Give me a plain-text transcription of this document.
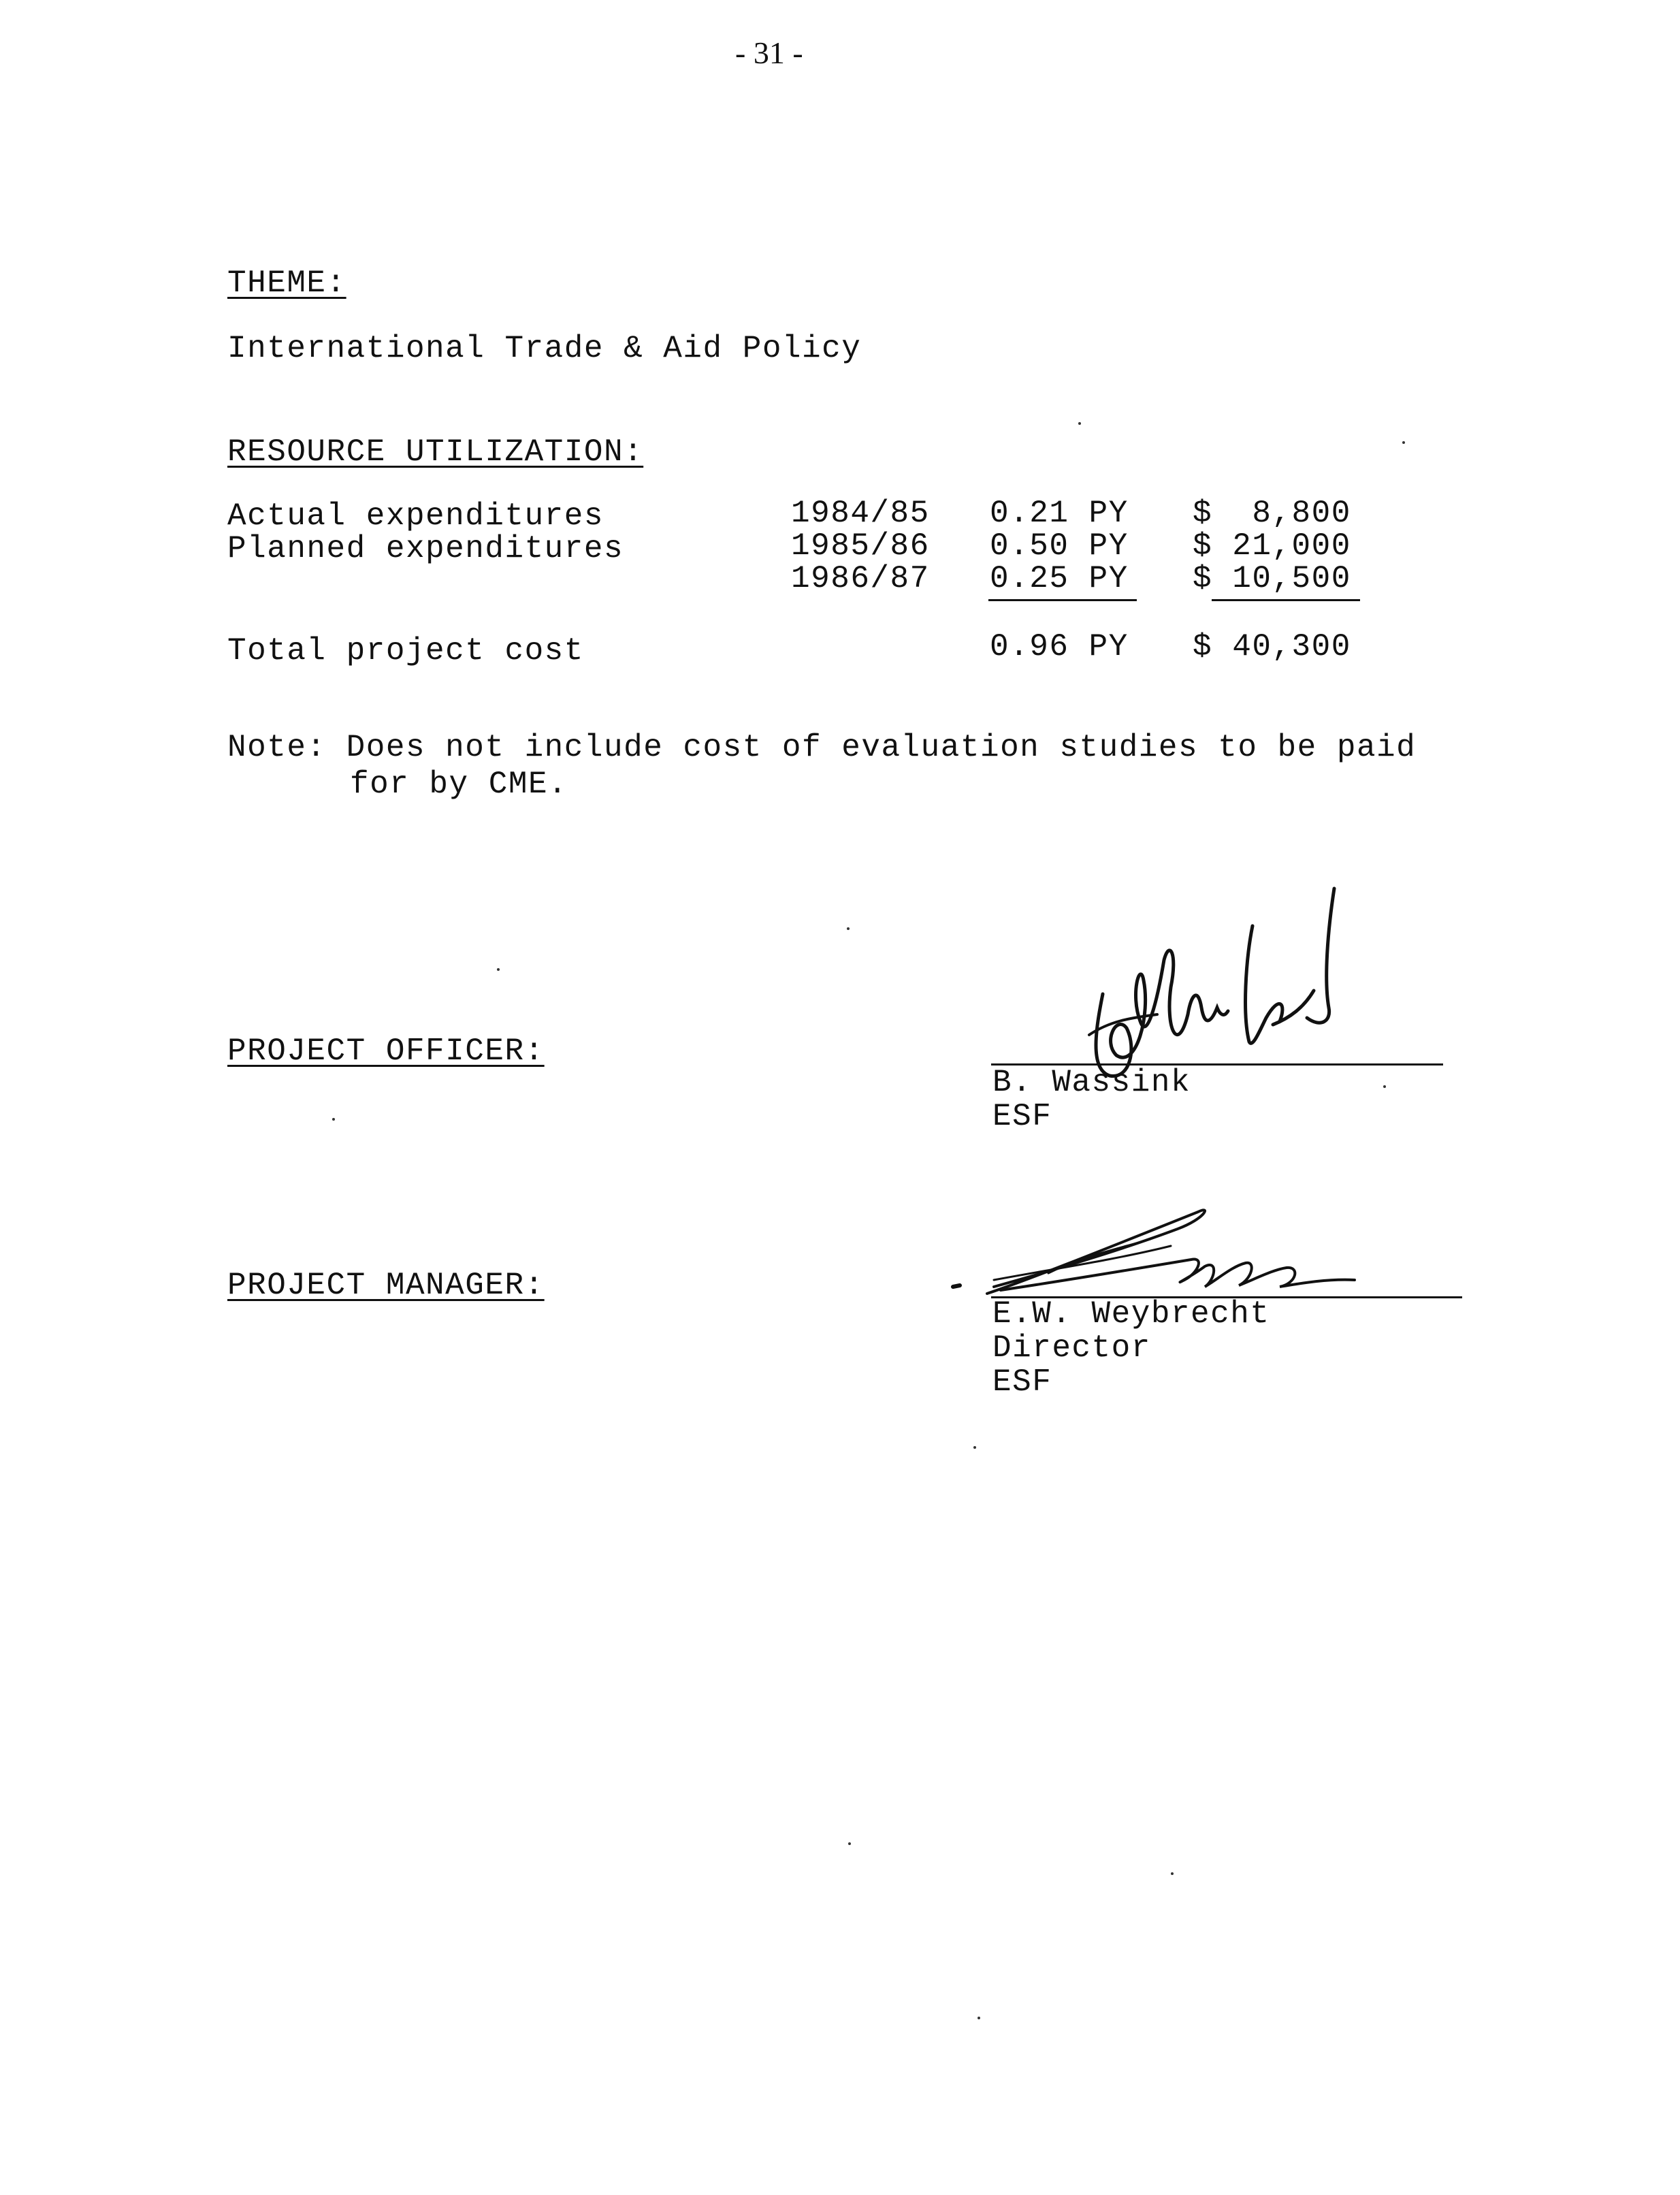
- 31 -
THEME:
International Trade & Aid Policy
RESOURCE UTILIZATION:
Actual expenditures	1984/85 0.21 PY $  8,800
Planned expenditures	1985/86 0.50 PY $ 21,000
1986/87 0.25 PY $ 10,500
Total project cost	0.96 PY $ 40,300
Note: Does not include cost of evaluation studies to be paid
for by CME.
PROJECT OFFICER:
B. Wassink
ESF
PROJECT MANAGER:
E.W. Weybrecht
Director
ESF
